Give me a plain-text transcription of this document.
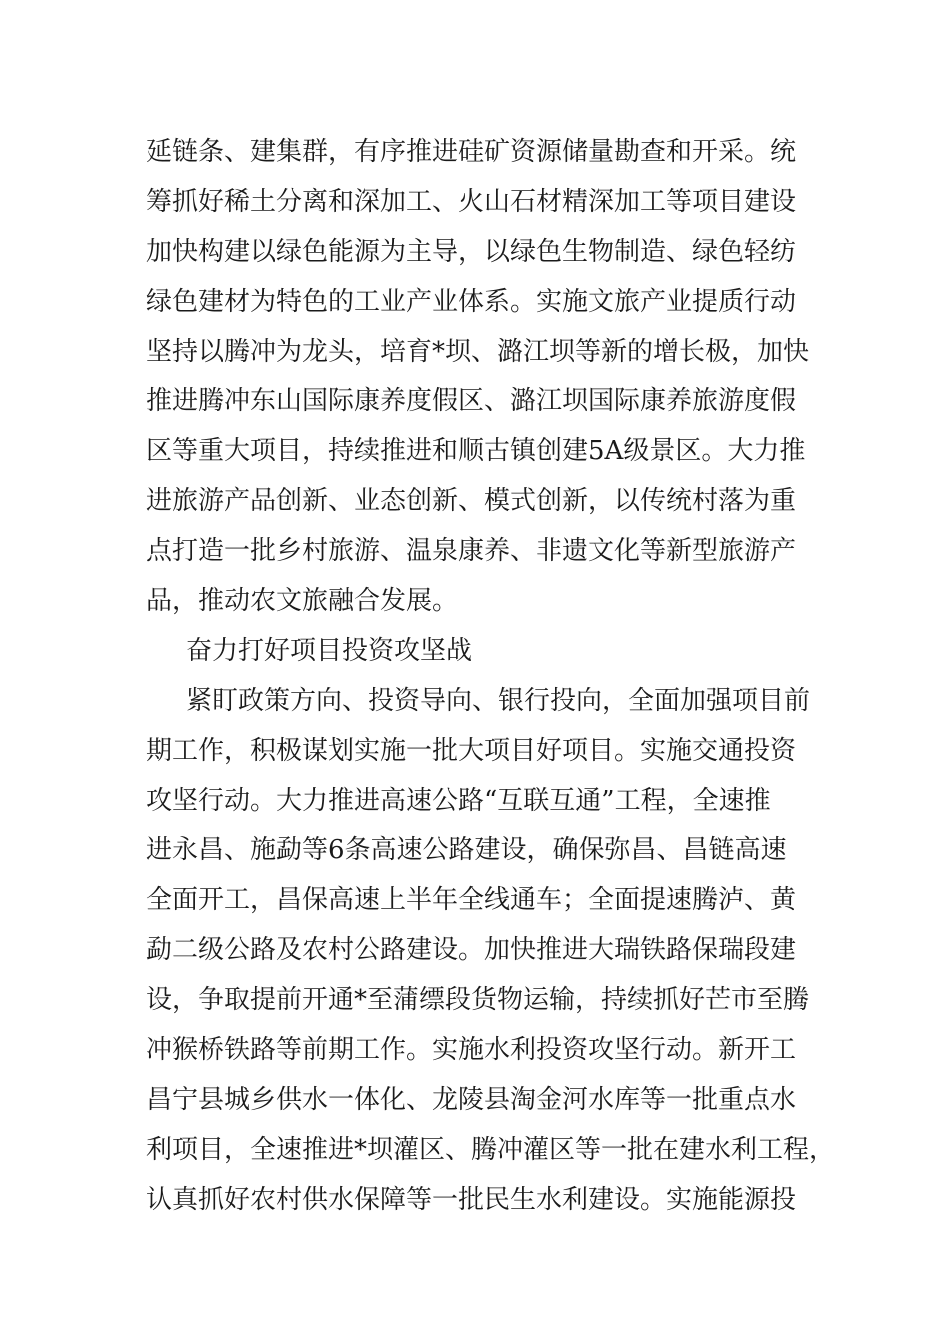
延链条、建集群，有序推进硅矿资源储量勘查和开采。统
筹抓好稀土分离和深加工、火山石材精深加工等项目建设
加快构建以绿色能源为主导，以绿色生物制造、绿色轻纺
绿色建材为特色的工业产业体系。实施文旅产业提质行动
坚持以腾冲为龙头，培育*坝、潞江坝等新的增长极，加快
推进腾冲东山国际康养度假区、潞江坝国际康养旅游度假
区等重大项目，持续推进和顺古镇创建5A级景区。大力推
进旅游产品创新、业态创新、模式创新，以传统村落为重
点打造一批乡村旅游、温泉康养、非遗文化等新型旅游产
品，推动农文旅融合发展。
奋力打好项目投资攻坚战
紧盯政策方向、投资导向、银行投向，全面加强项目前
期工作，积极谋划实施一批大项目好项目。实施交通投资
攻坚行动。大力推进高速公路“互联互通”工程，全速推
进永昌、施勐等6条高速公路建设，确保弥昌、昌链高速
全面开工，昌保高速上半年全线通车；全面提速腾泸、黄
勐二级公路及农村公路建设。加快推进大瑞铁路保瑞段建
设，争取提前开通*至蒲缥段货物运输，持续抓好芒市至腾
冲猴桥铁路等前期工作。实施水利投资攻坚行动。新开工
昌宁县城乡供水一体化、龙陵县淘金河水库等一批重点水
利项目，全速推进*坝灌区、腾冲灌区等一批在建水利工程，
认真抓好农村供水保障等一批民生水利建设。实施能源投
